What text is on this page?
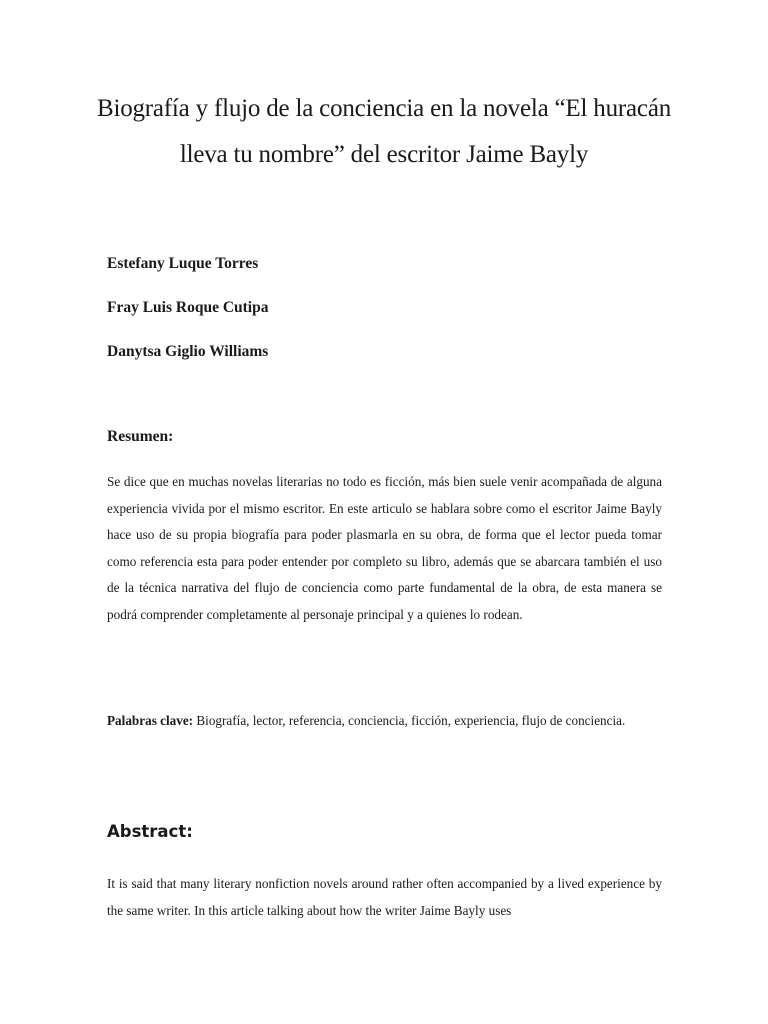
Biografía y flujo de la conciencia en la novela “El huracán lleva tu nombre” del escritor Jaime Bayly
Estefany Luque Torres
Fray Luis Roque Cutipa
Danytsa Giglio Williams
Resumen:
Se dice que en muchas novelas literarias no todo es ficción, más bien suele venir acompañada de alguna experiencia vivida por el mismo escritor. En este articulo se hablara sobre como el escritor Jaime Bayly hace uso de su propia biografía para poder plasmarla en su obra, de forma que el lector pueda tomar como referencia esta para poder entender por completo su libro, además que se abarcara también el uso de la técnica narrativa del flujo de conciencia como parte fundamental de la obra, de esta manera se podrá comprender completamente al personaje principal y a quienes lo rodean.
Palabras clave: Biografía, lector, referencia, conciencia, ficción, experiencia, flujo de conciencia.
Abstract:
It is said that many literary nonfiction novels around rather often accompanied by a lived experience by the same writer. In this article talking about how the writer Jaime Bayly uses
